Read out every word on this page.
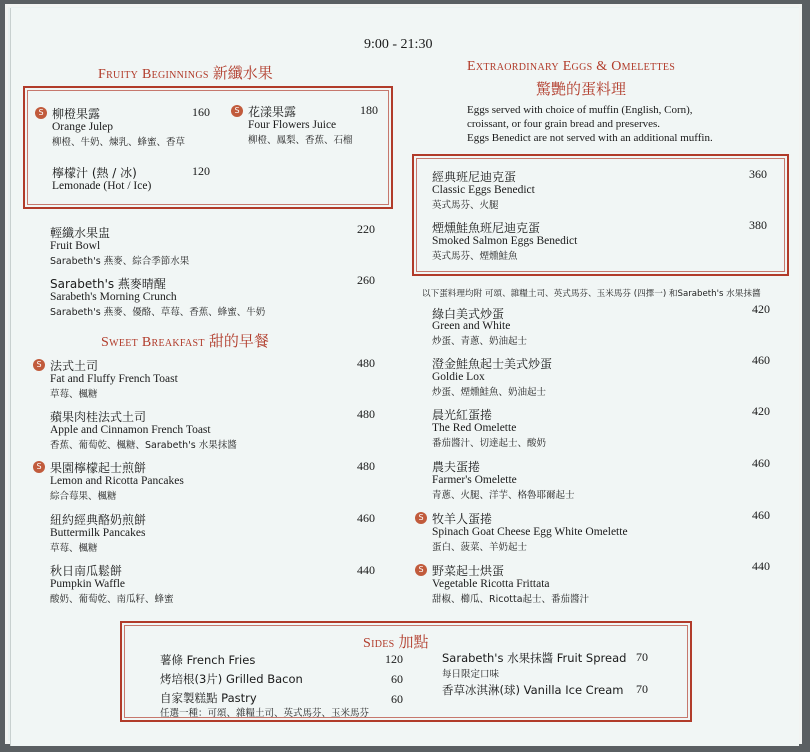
9:00 - 21:30
Fruity Beginnings 新纖水果
S 柳橙果露	160
Orange Julep
柳橙、牛奶、煉乳、蜂蜜、香草
S 花漾果露	180
Four Flowers Juice
柳橙、鳳梨、香蕉、石榴
檸檬汁 (熱 / 冰)	120
Lemonade (Hot / Ice)
輕纖水果盅	220
Fruit Bowl
Sarabeth's 燕麥、綜合季節水果
Sarabeth's 燕麥晴醒	260
Sarabeth's Morning Crunch
Sarabeth's 燕麥、優酪、草莓、香蕉、蜂蜜、牛奶
Sweet Breakfast 甜的早餐
S 法式土司	480
Fat and Fluffy French Toast
草莓、楓糖
蘋果肉桂法式土司	480
Apple and Cinnamon French Toast
香蕉、葡萄乾、楓糖、Sarabeth's 水果抹醬
S 果園檸檬起士煎餅	480
Lemon and Ricotta Pancakes
綜合莓果、楓糖
紐約經典酪奶煎餅	460
Buttermilk Pancakes
草莓、楓糖
秋日南瓜鬆餅	440
Pumpkin Waffle
酸奶、葡萄乾、南瓜籽、蜂蜜
Extraordinary Eggs & Omelettes
驚艷的蛋料理
Eggs served with choice of muffin (English, Corn),
croissant, or four grain bread and preserves.
Eggs Benedict are not served with an additional muffin.
經典班尼迪克蛋	360
Classic Eggs Benedict
英式馬芬、火腿
煙燻鮭魚班尼迪克蛋	380
Smoked Salmon Eggs Benedict
英式馬芬、煙燻鮭魚
以下蛋料理均附 可頌、雜糧土司、英式馬芬、玉米馬芬 (四擇一) 和Sarabeth's 水果抹醬
綠白美式炒蛋	420
Green and White
炒蛋、青蔥、奶油起士
澄金鮭魚起士美式炒蛋	460
Goldie Lox
炒蛋、煙燻鮭魚、奶油起士
晨光紅蛋捲	420
The Red Omelette
番茄醬汁、切達起士、酸奶
農夫蛋捲	460
Farmer's Omelette
青蔥、火腿、洋芋、格魯耶爾起士
S 牧羊人蛋捲	460
Spinach Goat Cheese Egg White Omelette
蛋白、菠菜、羊奶起士
S 野菜起士烘蛋	440
Vegetable Ricotta Frittata
甜椒、櫛瓜、Ricotta起士、番茄醬汁
Sides 加點
薯條 French Fries	120
烤培根(3片) Grilled Bacon	60
自家製糕點 Pastry	60
任選一種：可頌、雜糧土司、英式馬芬、玉米馬芬
Sarabeth's 水果抹醬 Fruit Spread 70
每日限定口味
香草冰淇淋(球) Vanilla Ice Cream 70
